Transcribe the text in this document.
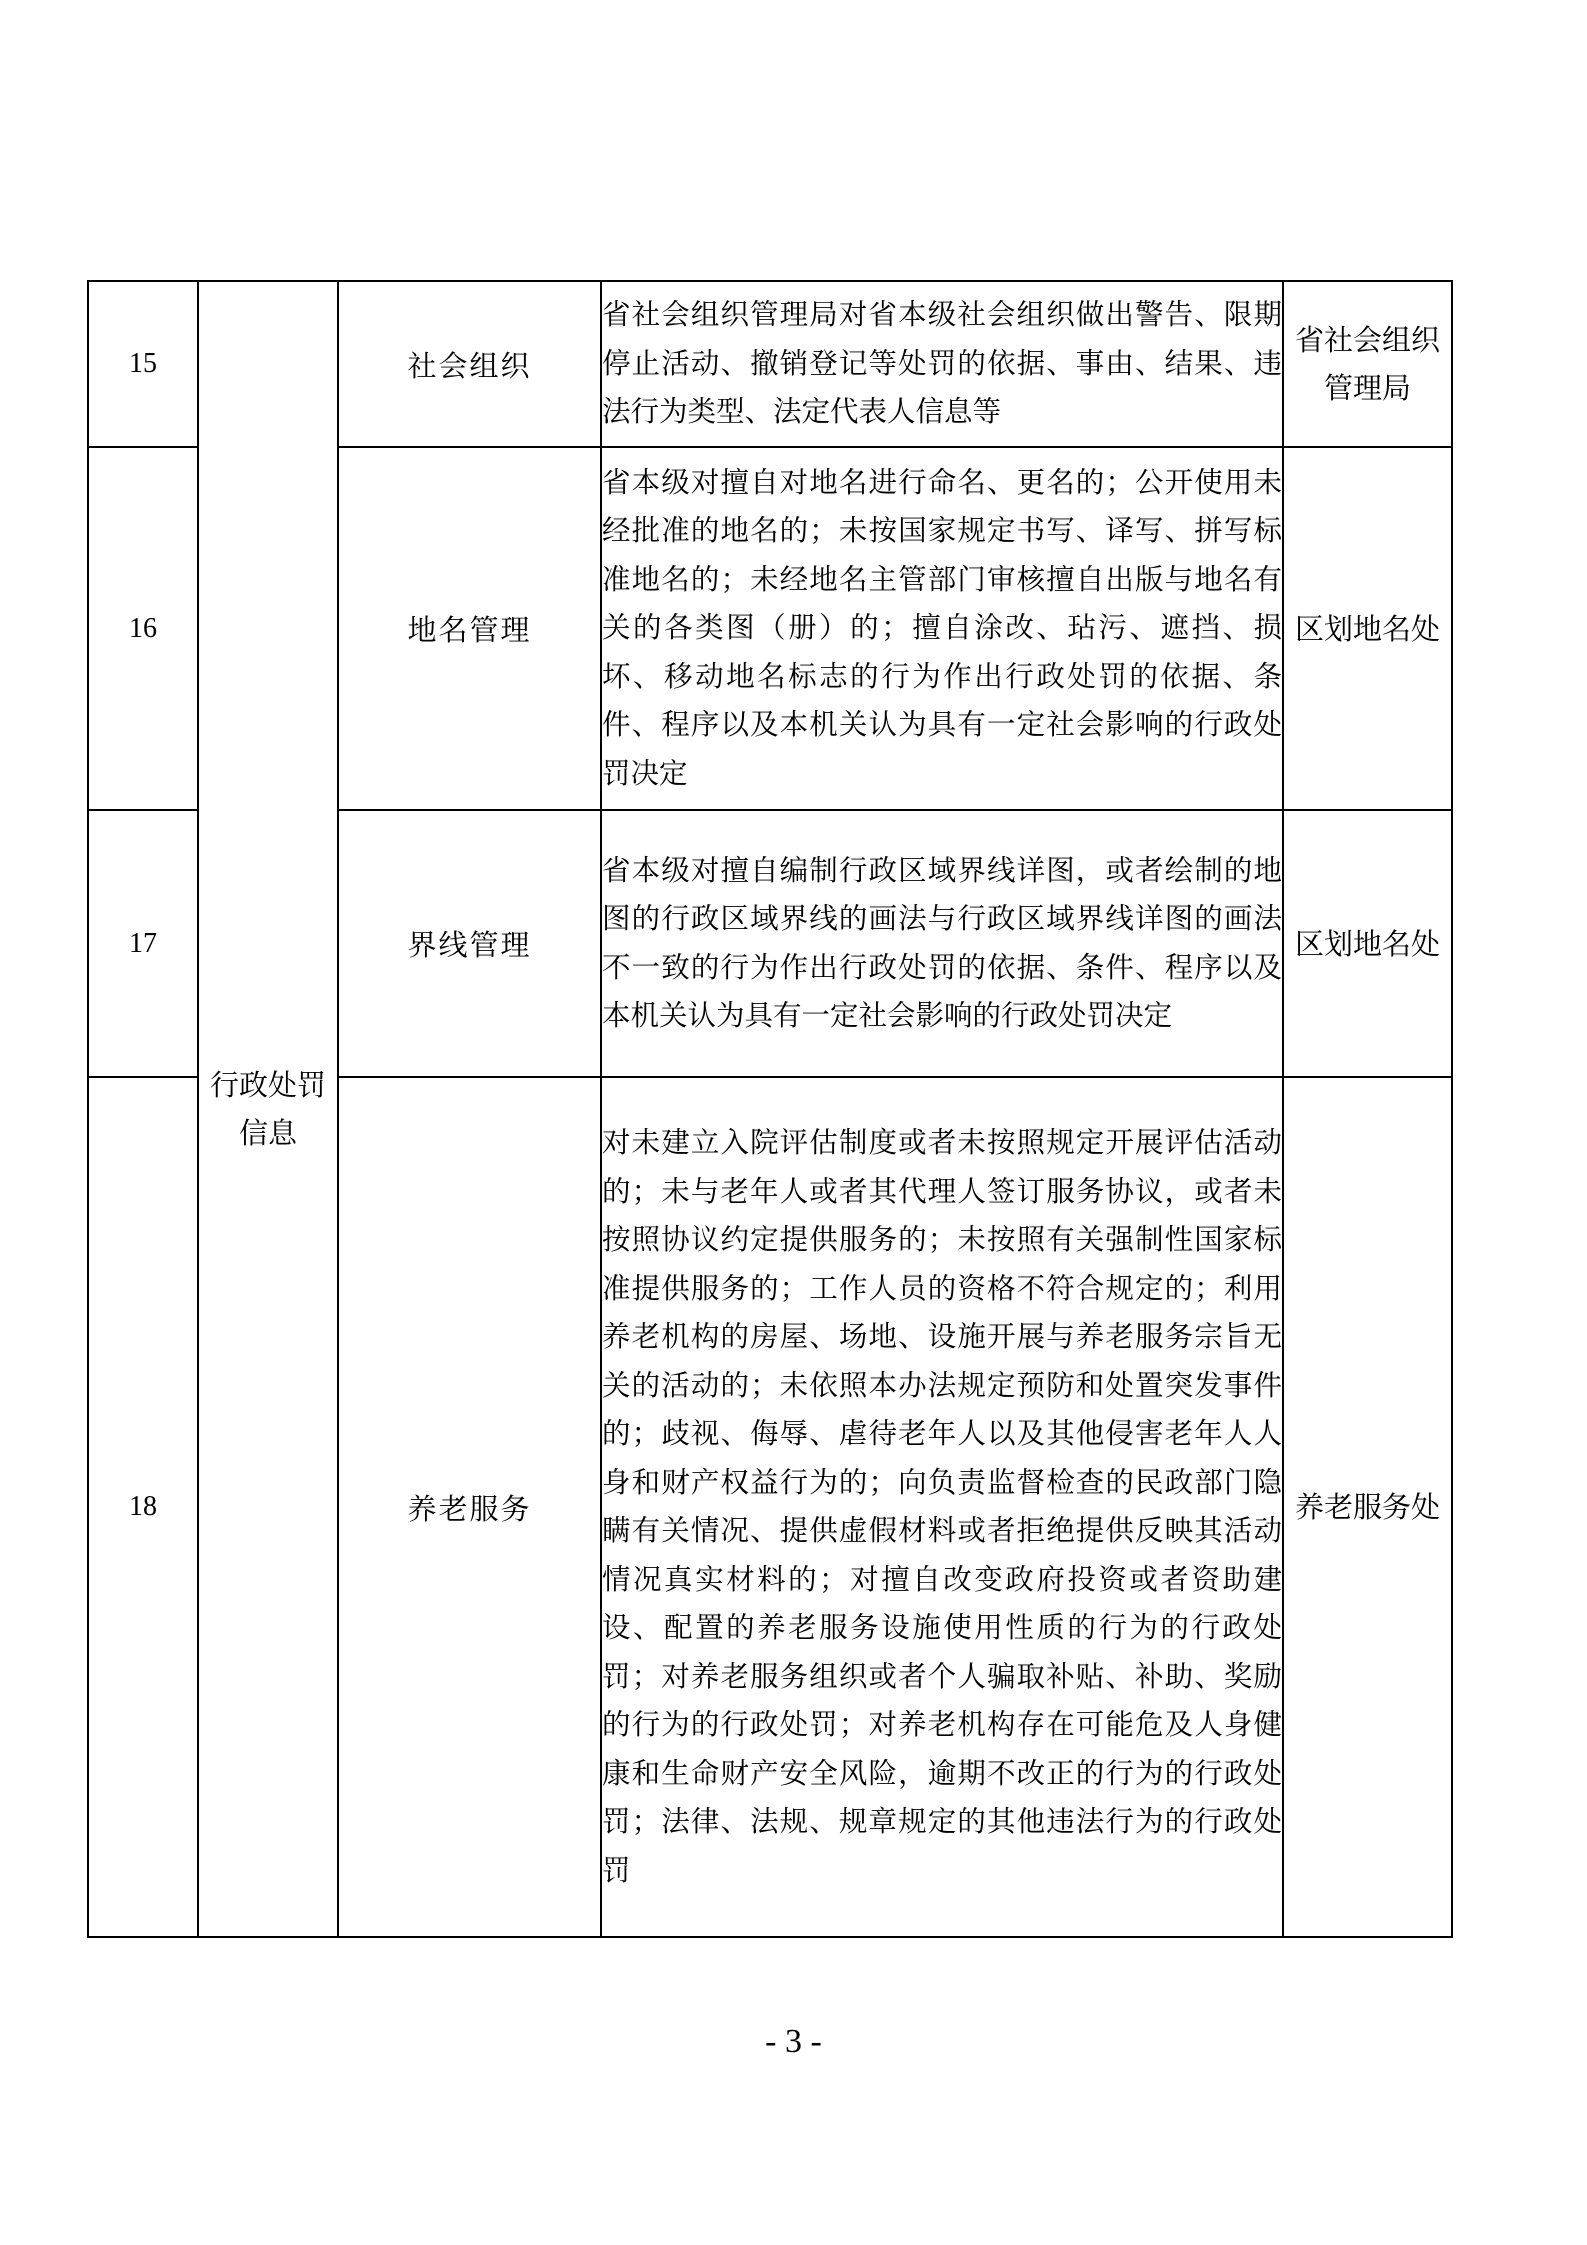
15	行政处罚信息	社会组织	省社会组织管理局对省本级社会组织做出警告、限期停止活动、撤销登记等处罚的依据、事由、结果、违法行为类型、法定代表人信息等	省社会组织管理局
16		地名管理	省本级对擅自对地名进行命名、更名的；公开使用未经批准的地名的；未按国家规定书写、译写、拼写标准地名的；未经地名主管部门审核擅自出版与地名有关的各类图（册）的；擅自涂改、玷污、遮挡、损坏、移动地名标志的行为作出行政处罚的依据、条件、程序以及本机关认为具有一定社会影响的行政处罚决定	区划地名处
17		界线管理	省本级对擅自编制行政区域界线详图，或者绘制的地图的行政区域界线的画法与行政区域界线详图的画法不一致的行为作出行政处罚的依据、条件、程序以及本机关认为具有一定社会影响的行政处罚决定	区划地名处
18		养老服务	对未建立入院评估制度或者未按照规定开展评估活动的；未与老年人或者其代理人签订服务协议，或者未按照协议约定提供服务的；未按照有关强制性国家标准提供服务的；工作人员的资格不符合规定的；利用养老机构的房屋、场地、设施开展与养老服务宗旨无关的活动的；未依照本办法规定预防和处置突发事件的；歧视、侮辱、虐待老年人以及其他侵害老年人人身和财产权益行为的；向负责监督检查的民政部门隐瞒有关情况、提供虚假材料或者拒绝提供反映其活动情况真实材料的；对擅自改变政府投资或者资助建设、配置的养老服务设施使用性质的行为的行政处罚；对养老服务组织或者个人骗取补贴、补助、奖励的行为的行政处罚；对养老机构存在可能危及人身健康和生命财产安全风险，逾期不改正的行为的行政处罚；法律、法规、规章规定的其他违法行为的行政处罚	养老服务处
- 3 -
